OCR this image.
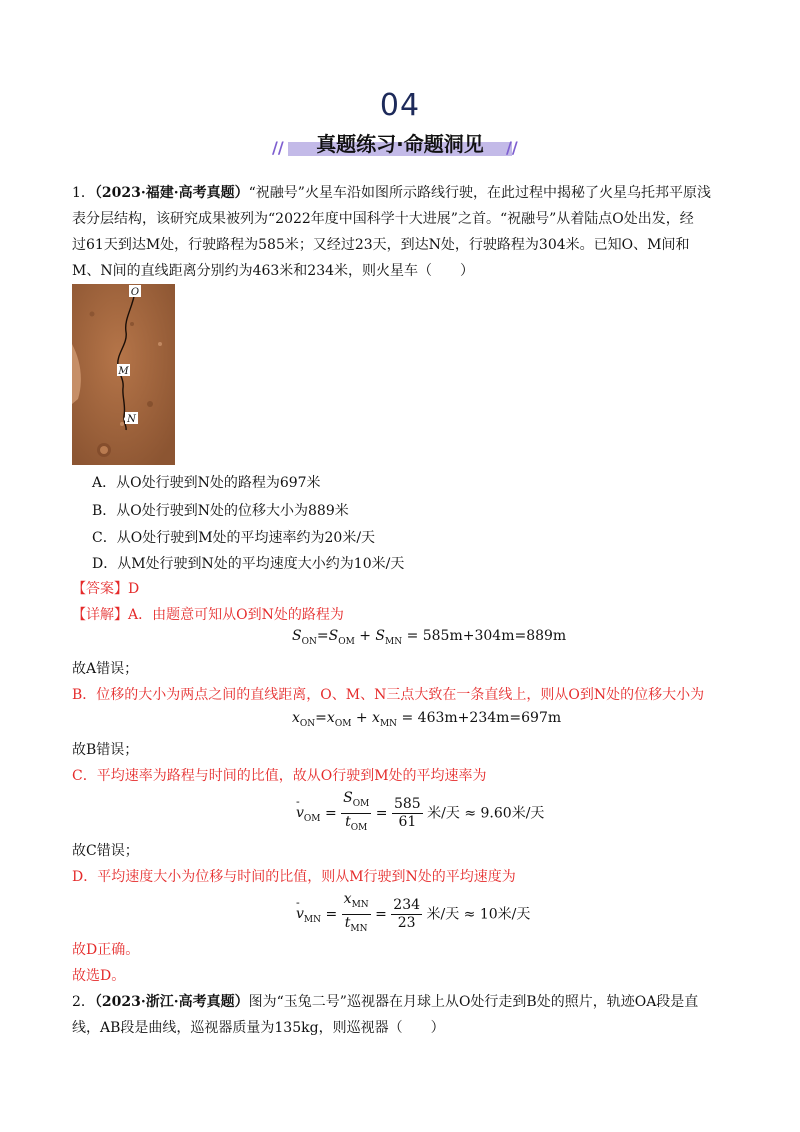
04
//	//
真题练习·命题洞见
1．（2023·福建·高考真题）“祝融号”火星车沿如图所示路线行驶，在此过程中揭秘了火星乌托邦平原浅
表分层结构，该研究成果被列为“2022年度中国科学十大进展”之首。“祝融号”从着陆点O处出发，经
过61天到达M处，行驶路程为585米；又经过23天，到达N处，行驶路程为304米。已知O、M间和
M、N间的直线距离分别约为463米和234米，则火星车（　　）
O
M
N
A．从O处行驶到N处的路程为697米
B．从O处行驶到N处的位移大小为889米
C．从O处行驶到M处的平均速率约为20米/天
D．从M处行驶到N处的平均速度大小约为10米/天
【答案】D
【详解】A．由题意可知从O到N处的路程为
$S_{ON}=S_{OM} + S_{MN} = 585m+304m=889m$
故A错误；
B．位移的大小为两点之间的直线距离，O、M、N三点大致在一条直线上，则从O到N处的位移大小为
$x_{ON}=x_{OM} + x_{MN} = 463m+234m=697m$
故B错误；
C．平均速率为路程与时间的比值，故从O行驶到M处的平均速率为
v
-
$_{OM} = \frac{S_{OM}}{t_{OM}} = \frac{585}{61}$ 米/天 ≈ 9.60米/天
故C错误；
D．平均速度大小为位移与时间的比值，则从M行驶到N处的平均速度为
v
-
$_{MN} = \frac{x_{MN}}{t_{MN}} = \frac{234}{23}$ 米/天 ≈ 10米/天
故D正确。
故选D。
2．（2023·浙江·高考真题）图为“玉兔二号”巡视器在月球上从O处行走到B处的照片，轨迹OA段是直
线，AB段是曲线，巡视器质量为135kg，则巡视器（　　）
